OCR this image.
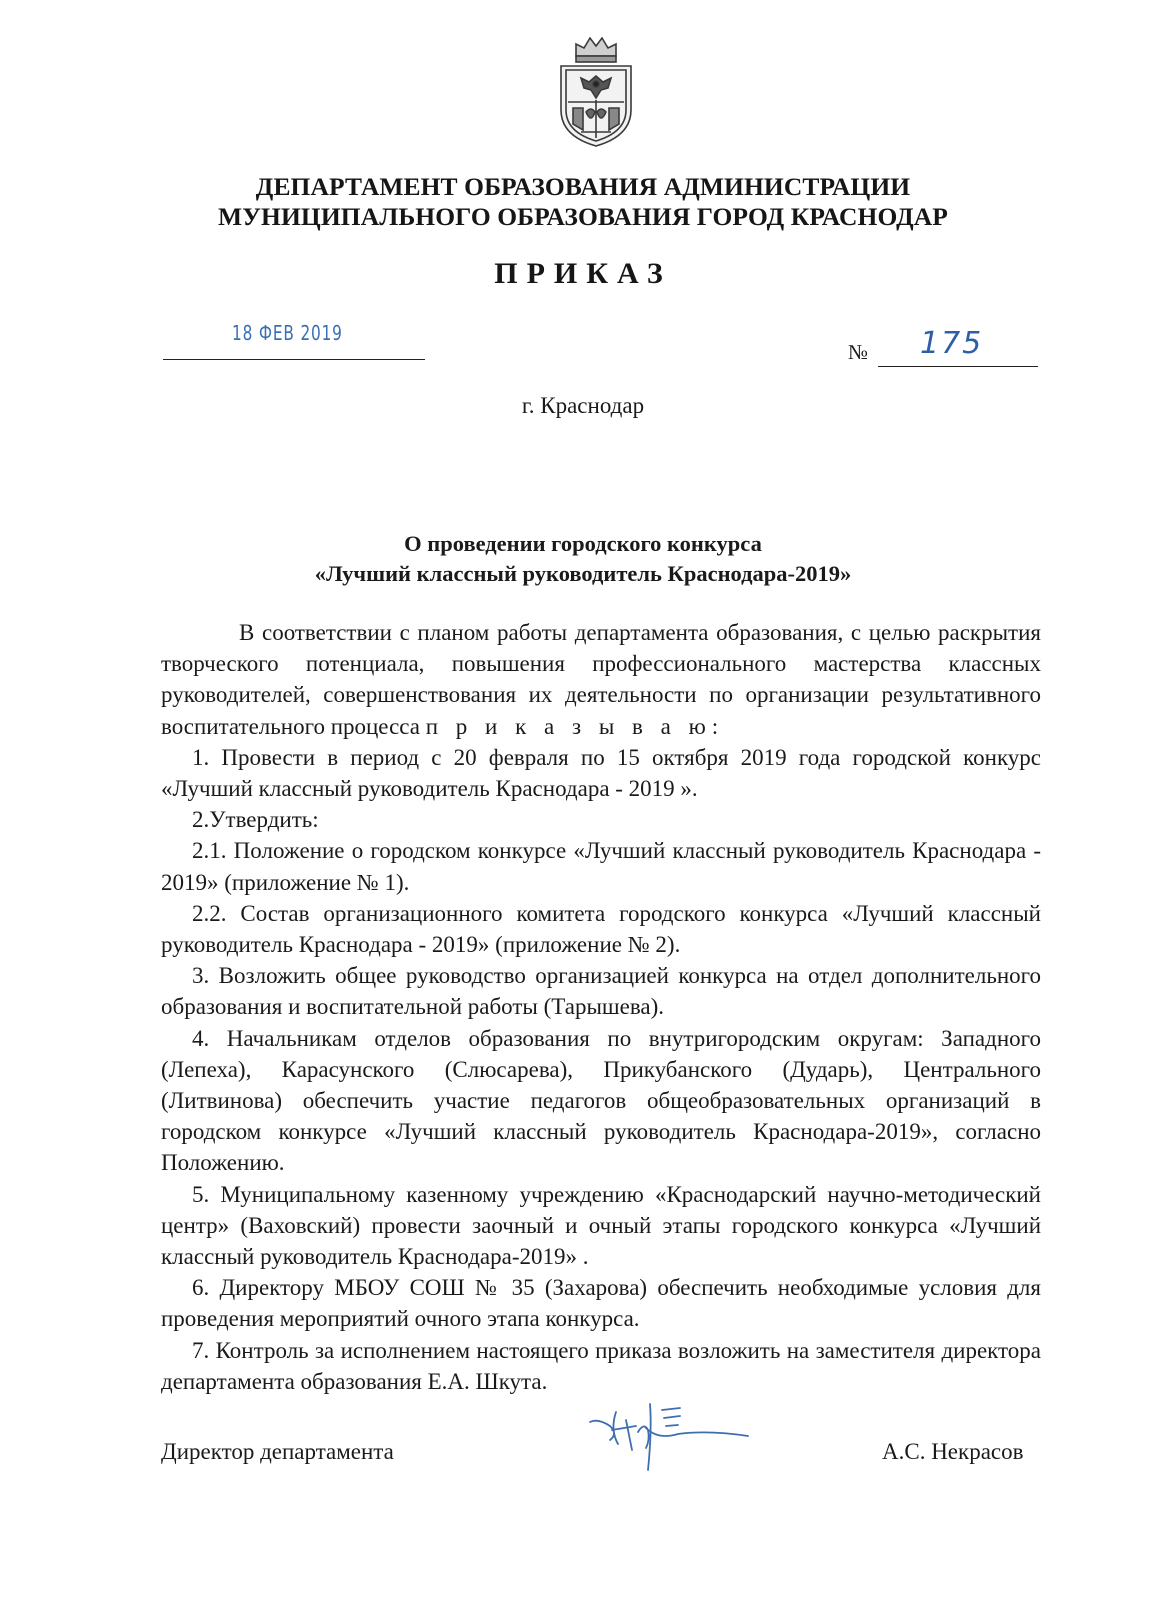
ДЕПАРТАМЕНТ ОБРАЗОВАНИЯ АДМИНИСТРАЦИИ
МУНИЦИПАЛЬНОГО ОБРАЗОВАНИЯ ГОРОД КРАСНОДАР
ПРИКАЗ
18 ФЕВ 2019
№ 175
г. Краснодар
О проведении городского конкурса
«Лучший классный руководитель Краснодара-2019»

В соответствии с планом работы департамента образования, с целью раскрытия творческого потенциала, повышения профессионального мастерства классных руководителей, совершенствования их деятельности по организации результативного воспитательного процесса п р и к а з ы в а ю:

1. Провести в период с 20 февраля по 15 октября 2019 года городской конкурс «Лучший классный руководитель Краснодара - 2019 ».

2.Утвердить:

2.1. Положение о городском конкурсе «Лучший классный руководитель Краснодара - 2019» (приложение № 1).

2.2. Состав организационного комитета городского конкурса «Лучший классный руководитель Краснодара - 2019» (приложение № 2).

3. Возложить общее руководство организацией конкурса на отдел дополнительного образования и воспитательной работы (Тарышева).

4. Начальникам отделов образования по внутригородским округам: Западного (Лепеха), Карасунского (Слюсарева), Прикубанского (Дударь), Центрального (Литвинова) обеспечить участие педагогов общеобразовательных организаций в городском конкурсе «Лучший классный руководитель Краснодара-2019», согласно Положению.

5. Муниципальному казенному учреждению «Краснодарский научно-методический центр» (Ваховский) провести заочный и очный этапы городского конкурса «Лучший классный руководитель Краснодара-2019» .

6. Директору МБОУ СОШ № 35 (Захарова) обеспечить необходимые условия для проведения мероприятий очного этапа конкурса.

7. Контроль за исполнением настоящего приказа возложить на заместителя директора департамента образования Е.А. Шкута.

Директор департамента	А.С. Некрасов
